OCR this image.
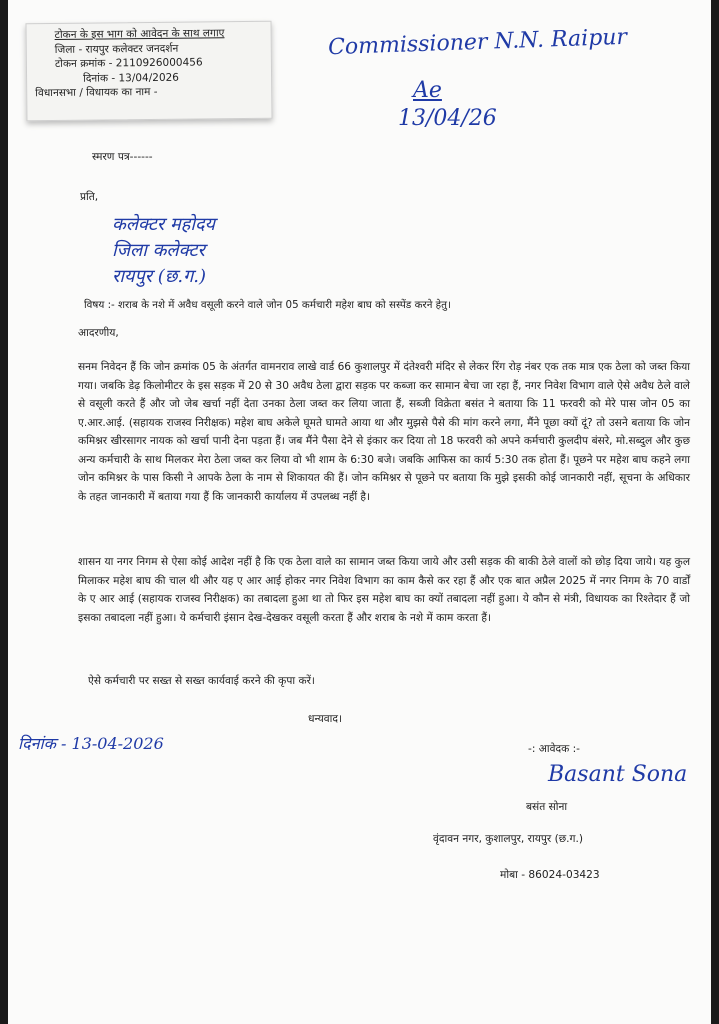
टोकन के इस भाग को आवेदन के साथ लगाए
जिला - रायपुर कलेक्टर जनदर्शन
टोकन क्रमांक - 2110926000456
दिनांक - 13/04/2026
विधानसभा / विधायक का नाम -
Commissioner N.N. Raipur
Ae
13/04/26
स्मरण पत्र------
प्रति,
कलेक्टर महोदय
जिला कलेक्टर
रायपुर (छ.ग.)
विषय :- शराब के नशे में अवैध वसूली करने वाले जोन 05 कर्मचारी महेश बाघ को सस्पेंड करने हेतु।
आदरणीय,
सनम निवेदन हैं कि जोन क्रमांक 05 के अंतर्गत वामनराव लाखे वार्ड 66 कुशालपुर में दंतेश्वरी मंदिर से लेकर रिंग रोड़ नंबर एक तक मात्र एक ठेला को जब्त किया गया। जबकि डेढ़ किलोमीटर के इस सड़क में 20 से 30 अवैध ठेला द्वारा सड़क पर कब्जा कर सामान बेचा जा रहा हैं, नगर निवेश विभाग वाले ऐसे अवैध ठेले वाले से वसूली करते हैं और जो जेब खर्चा नहीं देता उनका ठेला जब्त कर लिया जाता हैं, सब्जी विक्रेता बसंत ने बताया कि 11 फरवरी को मेरे पास जोन 05 का ए.आर.आई. (सहायक राजस्व निरीक्षक) महेश बाघ अकेले घूमते घामते आया था और मुझसे पैसे की मांग करने लगा, मैंने पूछा क्यों दूं? तो उसने बताया कि जोन कमिश्नर खीरसागर नायक को खर्चा पानी देना पड़ता हैं। जब मैंने पैसा देने से इंकार कर दिया तो 18 फरवरी को अपने कर्मचारी कुलदीप बंसरे, मो.सब्दुल और कुछ अन्य कर्मचारी के साथ मिलकर मेरा ठेला जब्त कर लिया वो भी शाम के 6:30 बजे। जबकि आफिस का कार्य 5:30 तक होता हैं। पूछने पर महेश बाघ कहने लगा जोन कमिश्नर के पास किसी ने आपके ठेला के नाम से शिकायत की हैं। जोन कमिश्नर से पूछने पर बताया कि मुझे इसकी कोई जानकारी नहीं, सूचना के अधिकार के तहत जानकारी में बताया गया हैं कि जानकारी कार्यालय में उपलब्ध नहीं है।
शासन या नगर निगम से ऐसा कोई आदेश नहीं है कि एक ठेला वाले का सामान जब्त किया जाये और उसी सड़क की बाकी ठेले वालों को छोड़ दिया जाये। यह कुल मिलाकर महेश बाघ की चाल थी और यह ए आर आई होकर नगर निवेश विभाग का काम कैसे कर रहा हैं और एक बात अप्रैल 2025 में नगर निगम के 70 वार्डों के ए आर आई (सहायक राजस्व निरीक्षक) का तबादला हुआ था तो फिर इस महेश बाघ का क्यों तबादला नहीं हुआ। ये कौन से मंत्री, विधायक का रिश्तेदार हैं जो इसका तबादला नहीं हुआ। ये कर्मचारी इंसान देख-देखकर वसूली करता हैं और शराब के नशे में काम करता हैं।
ऐसे कर्मचारी पर सख्त से सख्त कार्यवाई करने की कृपा करें।
धन्यवाद।
दिनांक - 13-04-2026	-: आवेदक :-
Basant Sona
बसंत सोना
वृंदावन नगर, कुशालपुर, रायपुर (छ.ग.)
मोबा - 86024-03423
